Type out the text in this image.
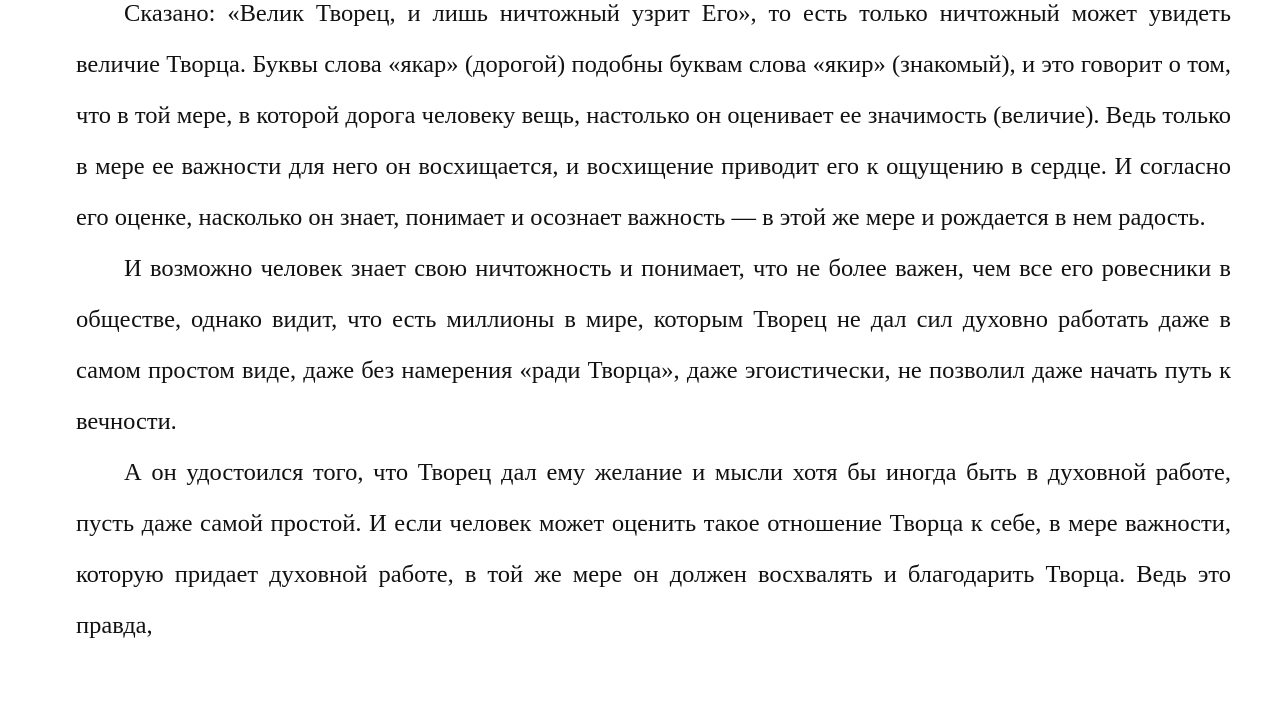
Сказано: «Велик Творец, и лишь ничтожный узрит Его», то есть только ничтожный может увидеть величие Творца. Буквы слова «якар» (дорогой) подобны буквам слова «якир» (знакомый), и это говорит о том, что в той мере, в которой дорога человеку вещь, настолько он оценивает ее значимость (величие). Ведь только в мере ее важности для него он восхищается, и восхищение приводит его к ощущению в сердце. И согласно его оценке, насколько он знает, понимает и осознает важность — в этой же мере и рождается в нем радость.

И возможно человек знает свою ничтожность и понимает, что не более важен, чем все его ровесники в обществе, однако видит, что есть миллионы в мире, которым Творец не дал сил духовно работать даже в самом простом виде, даже без намерения «ради Творца», даже эгоистически, не позволил даже начать путь к вечности.

А он удостоился того, что Творец дал ему желание и мысли хотя бы иногда быть в духовной работе, пусть даже самой простой. И если человек может оценить такое отношение Творца к себе, в мере важности, которую придает духовной работе, в той же мере он должен восхвалять и благодарить Творца. Ведь это правда,
